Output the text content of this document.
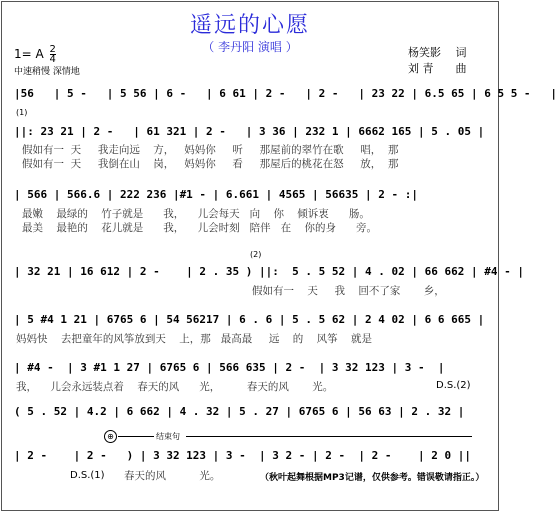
遥远的心愿
（ 李丹阳 演唱 ）
1= A $\frac{2}{4}$
中速稍慢 深情地
杨笑影 词
刘 青 曲
|56   | 5 -   | 5 56 | 6 -   | 6 61 | 2 -   | 2 -   | 23 22 | 6.5 65 | 6 5 5 -   |
(1)
||: 23 21 | 2 -   | 61 321 | 2 -   | 3 36 | 232 1 | 6662 165 | 5 . 05 |
假如有一  天     我走向远    方，   妈妈你     听     那屋前的翠竹在歌     唱，  那
假如有一  天     我倒在山    岗，   妈妈你     看     那屋后的桃花在怒     放，  那
| 566 | 566.6 | 222 236 |#1 - | 6.661 | 4565 | 56635 | 2 - :|
最嫩    最绿的    竹子就是      我，    儿会每天   向    你    倾诉衷      肠。
最美    最艳的    花儿就是      我，    儿会时刻   陪伴   在    你的身      旁。
(2)
| 32 21 | 16 612 | 2 -    | 2 . 35 ) ||:  5 . 5 52 | 4 . 02 | 66 662 | #4 - |
假如有一    天     我    回不了家       乡，
| 5 #4 1 21 | 6765 6 | 54 56217 | 6 . 6 | 5 . 5 62 | 2 4 02 | 6 6 665 |
妈妈快    去把童年的风筝放到天    上，那   最高最     远    的    风筝    就是
| #4 -  | 3 #1 1 27 | 6765 6 | 566 635 | 2 -  | 3 32 123 | 3 -  |
我，    儿会永远装点着    春天的风      光，        春天的风       光。	D.S.(2)
( 5 . 52 | 4.2 | 6 662 | 4 . 32 | 5 . 27 | 6765 6 | 56 63 | 2 . 32 |
⊕	结束句
| 2 -    | 2 -   ) | 3 32 123 | 3 -  | 3 2 - | 2 -  | 2 -    | 2 0 ||
D.S.(1) 春天的风          光。	（秋叶起舞根据MP3记谱，仅供参考。错误敬请指正。）
